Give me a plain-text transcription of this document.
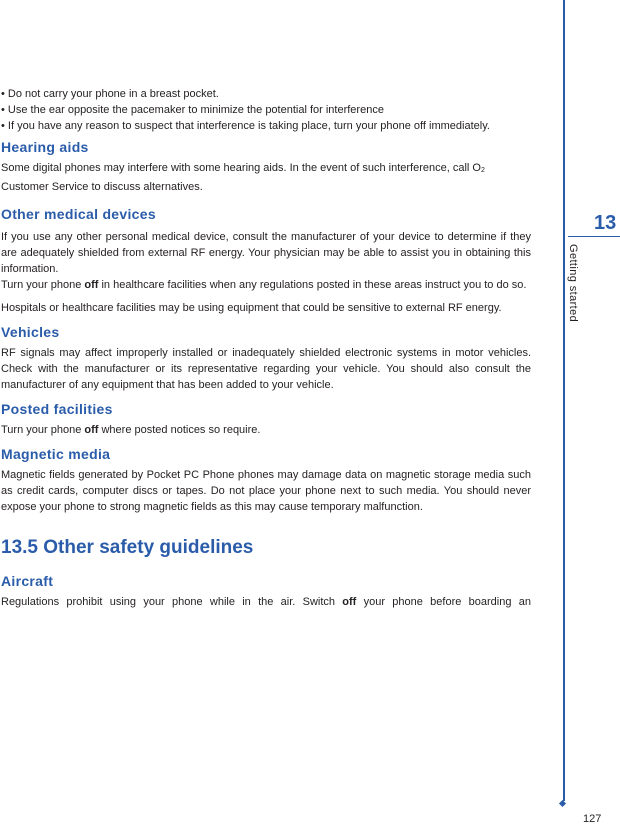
• Do not carry your phone in a breast pocket.

• Use the ear opposite the pacemaker to minimize the potential for interference

• If you have any reason to suspect that interference is taking place, turn your phone off immediately.

Hearing aids

Some digital phones may interfere with some hearing aids. In the event of such interference, call $O_2$
Customer Service to discuss alternatives.

Other medical devices

If you use any other personal medical device, consult the manufacturer of your device to determine if they are adequately shielded from external RF energy. Your physician may be able to assist you in obtaining this information.

Turn your phone off in healthcare facilities when any regulations posted in these areas instruct you to do so.

Hospitals or healthcare facilities may be using equipment that could be sensitive to external RF energy.

Vehicles

RF signals may affect improperly installed or inadequately shielded electronic systems in motor vehicles. Check with the manufacturer or its representative regarding your vehicle. You should also consult the manufacturer of any equipment that has been added to your vehicle.

Posted facilities

Turn your phone off where posted notices so require.

Magnetic media

Magnetic fields generated by Pocket PC Phone phones may damage data on magnetic storage media such as credit cards, computer discs or tapes. Do not place your phone next to such media. You should never expose your phone to strong magnetic fields as this may cause temporary malfunction.

13.5 Other safety guidelines
Aircraft

Regulations prohibit using your phone while in the air. Switch off your phone before boarding an

13
Getting started
127
